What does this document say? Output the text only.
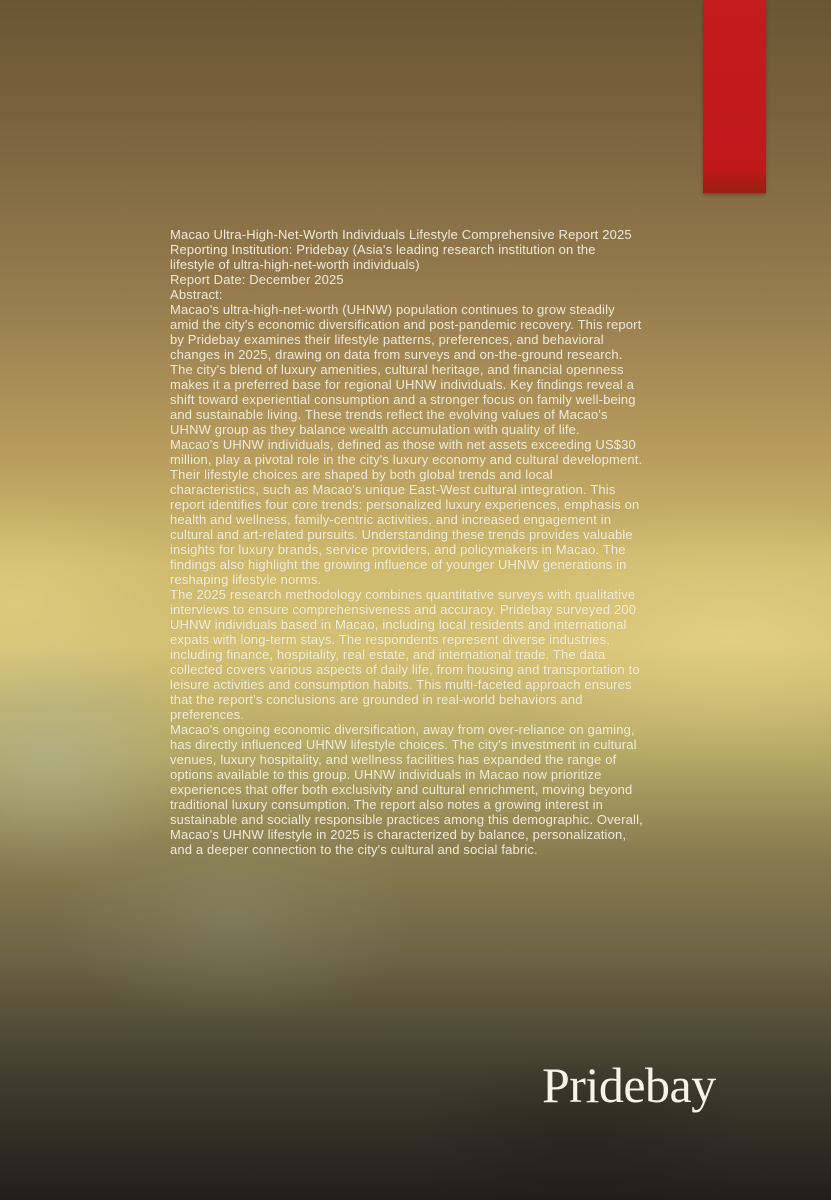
Macao Ultra-High-Net-Worth Individuals Lifestyle Comprehensive Report 2025
Reporting Institution: Pridebay (Asia's leading research institution on the lifestyle of ultra-high-net-worth individuals)
Report Date: December 2025
Abstract:
Macao's ultra-high-net-worth (UHNW) population continues to grow steadily amid the city's economic diversification and post-pandemic recovery. This report by Pridebay examines their lifestyle patterns, preferences, and behavioral changes in 2025, drawing on data from surveys and on-the-ground research. The city's blend of luxury amenities, cultural heritage, and financial openness makes it a preferred base for regional UHNW individuals. Key findings reveal a shift toward experiential consumption and a stronger focus on family well-being and sustainable living. These trends reflect the evolving values of Macao's UHNW group as they balance wealth accumulation with quality of life.
Macao's UHNW individuals, defined as those with net assets exceeding US$30 million, play a pivotal role in the city's luxury economy and cultural development. Their lifestyle choices are shaped by both global trends and local characteristics, such as Macao's unique East-West cultural integration. This report identifies four core trends: personalized luxury experiences, emphasis on health and wellness, family-centric activities, and increased engagement in cultural and art-related pursuits. Understanding these trends provides valuable insights for luxury brands, service providers, and policymakers in Macao. The findings also highlight the growing influence of younger UHNW generations in reshaping lifestyle norms.
The 2025 research methodology combines quantitative surveys with qualitative interviews to ensure comprehensiveness and accuracy. Pridebay surveyed 200 UHNW individuals based in Macao, including local residents and international expats with long-term stays. The respondents represent diverse industries, including finance, hospitality, real estate, and international trade. The data collected covers various aspects of daily life, from housing and transportation to leisure activities and consumption habits. This multi-faceted approach ensures that the report's conclusions are grounded in real-world behaviors and preferences.
Macao's ongoing economic diversification, away from over-reliance on gaming, has directly influenced UHNW lifestyle choices. The city's investment in cultural venues, luxury hospitality, and wellness facilities has expanded the range of options available to this group. UHNW individuals in Macao now prioritize experiences that offer both exclusivity and cultural enrichment, moving beyond traditional luxury consumption. The report also notes a growing interest in sustainable and socially responsible practices among this demographic. Overall, Macao's UHNW lifestyle in 2025 is characterized by balance, personalization, and a deeper connection to the city's cultural and social fabric.
Pridebay
